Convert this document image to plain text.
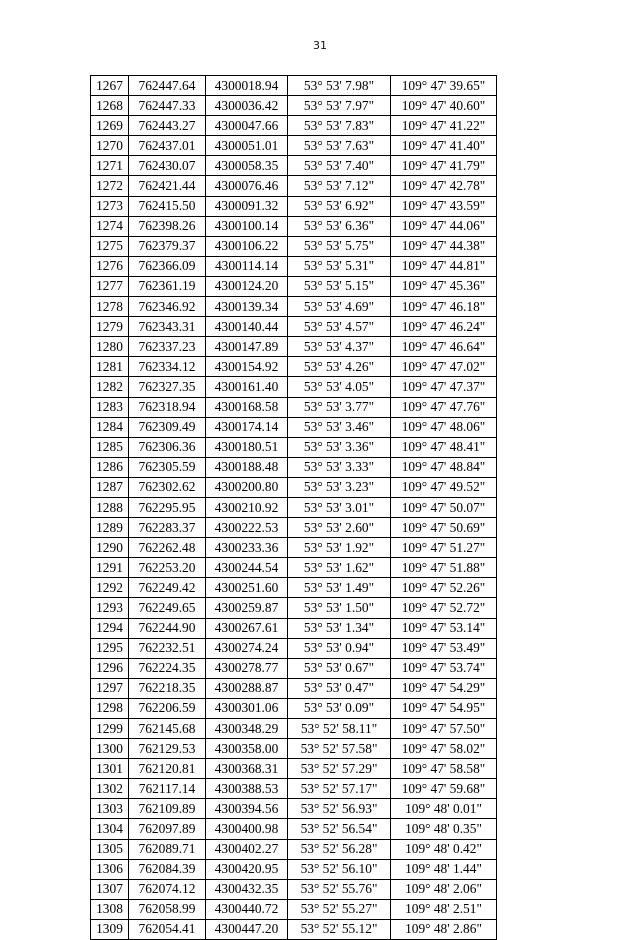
31
1267	762447.64	4300018.94	53° 53' 7.98"	109° 47' 39.65"
1268	762447.33	4300036.42	53° 53' 7.97"	109° 47' 40.60"
1269	762443.27	4300047.66	53° 53' 7.83"	109° 47' 41.22"
1270	762437.01	4300051.01	53° 53' 7.63"	109° 47' 41.40"
1271	762430.07	4300058.35	53° 53' 7.40"	109° 47' 41.79"
1272	762421.44	4300076.46	53° 53' 7.12"	109° 47' 42.78"
1273	762415.50	4300091.32	53° 53' 6.92"	109° 47' 43.59"
1274	762398.26	4300100.14	53° 53' 6.36"	109° 47' 44.06"
1275	762379.37	4300106.22	53° 53' 5.75"	109° 47' 44.38"
1276	762366.09	4300114.14	53° 53' 5.31"	109° 47' 44.81"
1277	762361.19	4300124.20	53° 53' 5.15"	109° 47' 45.36"
1278	762346.92	4300139.34	53° 53' 4.69"	109° 47' 46.18"
1279	762343.31	4300140.44	53° 53' 4.57"	109° 47' 46.24"
1280	762337.23	4300147.89	53° 53' 4.37"	109° 47' 46.64"
1281	762334.12	4300154.92	53° 53' 4.26"	109° 47' 47.02"
1282	762327.35	4300161.40	53° 53' 4.05"	109° 47' 47.37"
1283	762318.94	4300168.58	53° 53' 3.77"	109° 47' 47.76"
1284	762309.49	4300174.14	53° 53' 3.46"	109° 47' 48.06"
1285	762306.36	4300180.51	53° 53' 3.36"	109° 47' 48.41"
1286	762305.59	4300188.48	53° 53' 3.33"	109° 47' 48.84"
1287	762302.62	4300200.80	53° 53' 3.23"	109° 47' 49.52"
1288	762295.95	4300210.92	53° 53' 3.01"	109° 47' 50.07"
1289	762283.37	4300222.53	53° 53' 2.60"	109° 47' 50.69"
1290	762262.48	4300233.36	53° 53' 1.92"	109° 47' 51.27"
1291	762253.20	4300244.54	53° 53' 1.62"	109° 47' 51.88"
1292	762249.42	4300251.60	53° 53' 1.49"	109° 47' 52.26"
1293	762249.65	4300259.87	53° 53' 1.50"	109° 47' 52.72"
1294	762244.90	4300267.61	53° 53' 1.34"	109° 47' 53.14"
1295	762232.51	4300274.24	53° 53' 0.94"	109° 47' 53.49"
1296	762224.35	4300278.77	53° 53' 0.67"	109° 47' 53.74"
1297	762218.35	4300288.87	53° 53' 0.47"	109° 47' 54.29"
1298	762206.59	4300301.06	53° 53' 0.09"	109° 47' 54.95"
1299	762145.68	4300348.29	53° 52' 58.11"	109° 47' 57.50"
1300	762129.53	4300358.00	53° 52' 57.58"	109° 47' 58.02"
1301	762120.81	4300368.31	53° 52' 57.29"	109° 47' 58.58"
1302	762117.14	4300388.53	53° 52' 57.17"	109° 47' 59.68"
1303	762109.89	4300394.56	53° 52' 56.93"	109° 48' 0.01"
1304	762097.89	4300400.98	53° 52' 56.54"	109° 48' 0.35"
1305	762089.71	4300402.27	53° 52' 56.28"	109° 48' 0.42"
1306	762084.39	4300420.95	53° 52' 56.10"	109° 48' 1.44"
1307	762074.12	4300432.35	53° 52' 55.76"	109° 48' 2.06"
1308	762058.99	4300440.72	53° 52' 55.27"	109° 48' 2.51"
1309	762054.41	4300447.20	53° 52' 55.12"	109° 48' 2.86"
